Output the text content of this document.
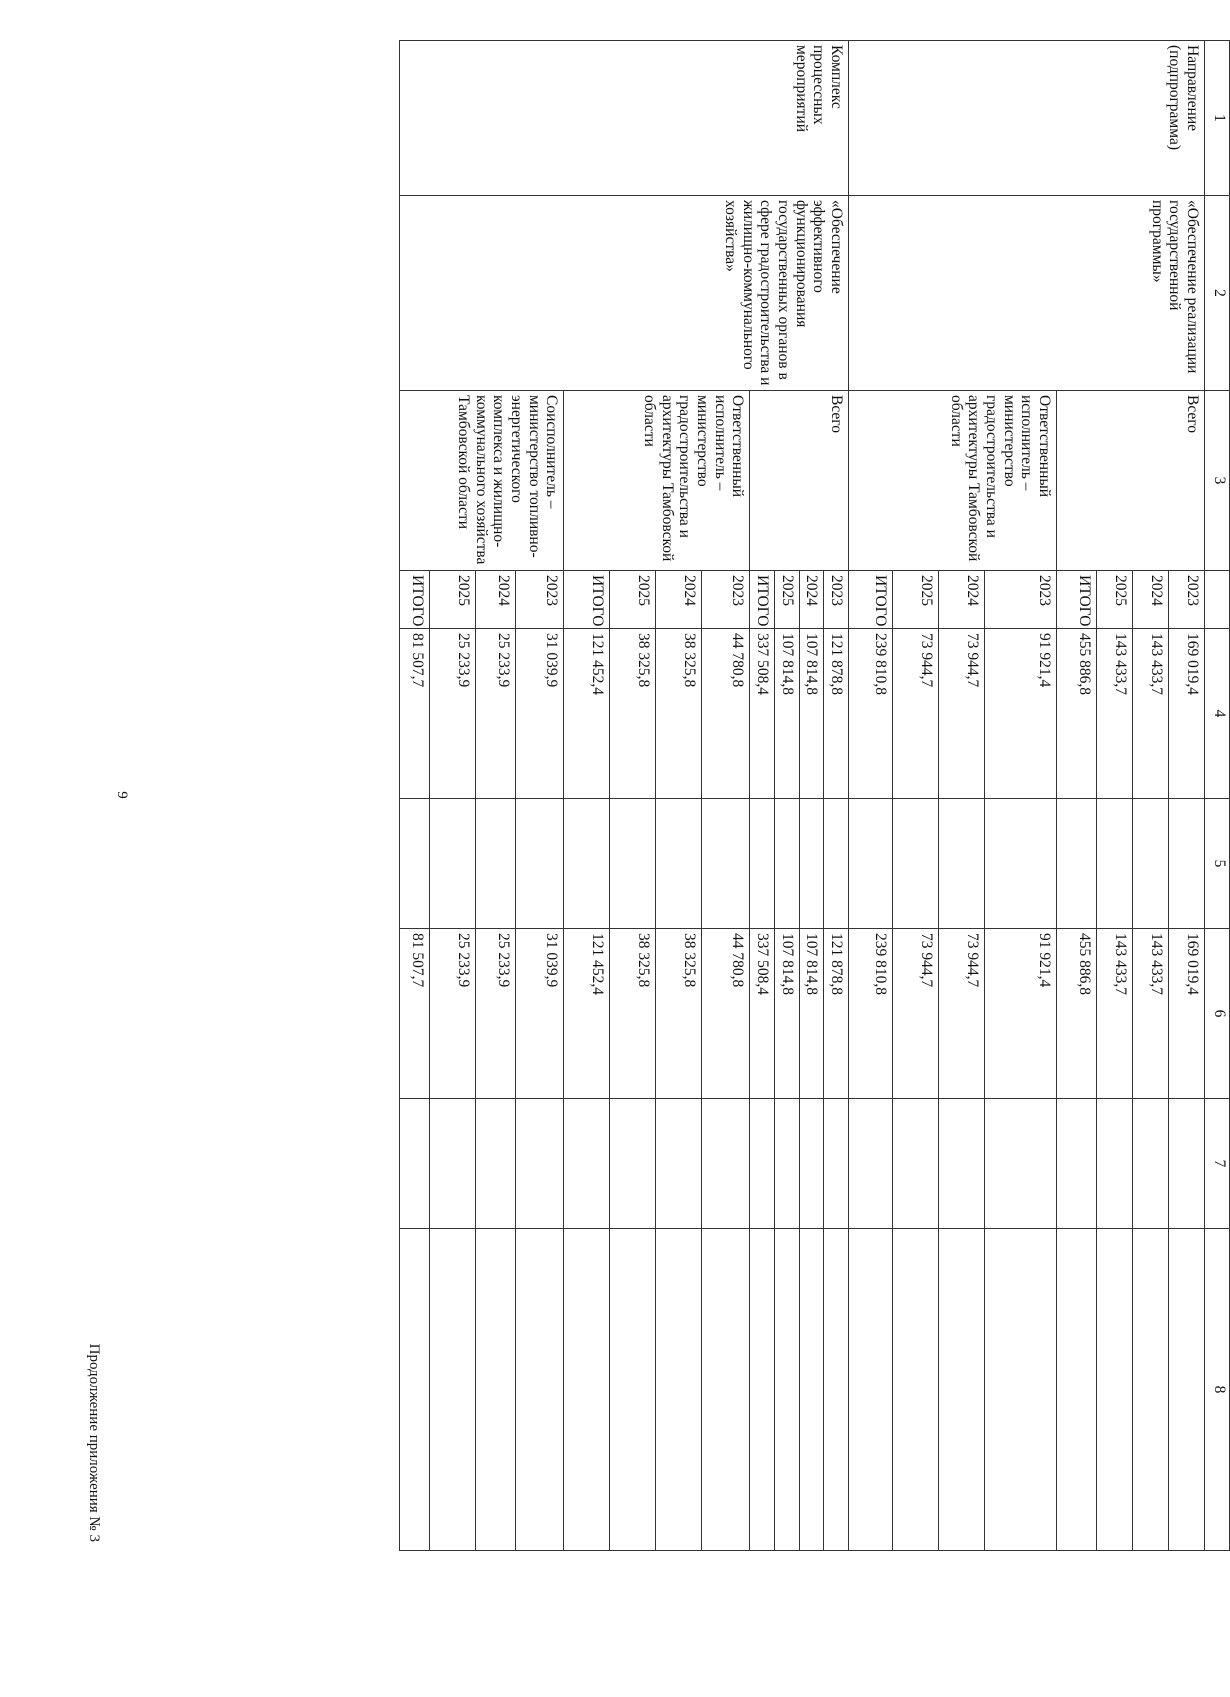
1	2	3		4	5	6	7	8
Направление (подпрограмма)	«Обеспечение реализации государственной программы»	Всего	2023	169 019,4		169 019,4		
			2024	143 433,7		143 433,7		
			2025	143 433,7		143 433,7		
			ИТОГО	455 886,8		455 886,8		
		Ответственный исполнитель – министерство градостроительства и архитектуры Тамбовской области	2023	91 921,4		91 921,4		
			2024	73 944,7		73 944,7		
			2025	73 944,7		73 944,7		
			ИТОГО	239 810,8		239 810,8		
Комплекс процессных мероприятий	«Обеспечение эффективного функционирования государственных органов в сфере градостроительства и жилищно-коммунального хозяйства»	Всего	2023	121 878,8		121 878,8		
			2024	107 814,8		107 814,8		
			2025	107 814,8		107 814,8		
			ИТОГО	337 508,4		337 508,4		
		Ответственный исполнитель – министерство градостроительства и архитектуры Тамбовской области	2023	44 780,8		44 780,8		
			2024	38 325,8		38 325,8		
			2025	38 325,8		38 325,8		
			ИТОГО	121 452,4		121 452,4		
		Соисполнитель – министерство топливно-энергетического комплекса и жилищно-коммунального хозяйства Тамбовской области	2023	31 039,9		31 039,9		
			2024	25 233,9		25 233,9		
			2025	25 233,9		25 233,9		
			ИТОГО	81 507,7		81 507,7		
9
Продолжение приложения № 3
